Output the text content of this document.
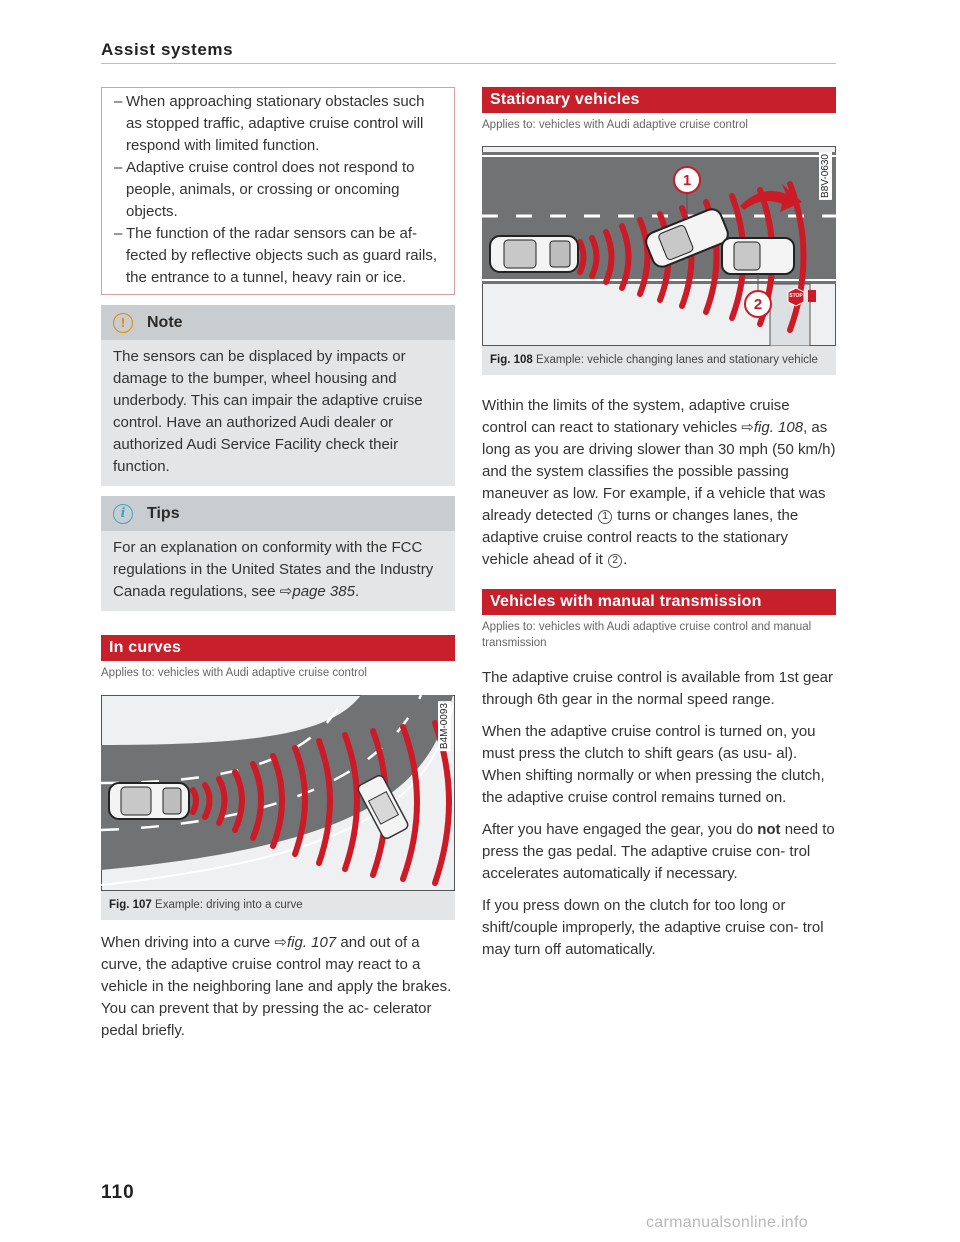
Assist systems
– When approaching stationary obstacles such as stopped traffic, adaptive cruise control will respond with limited function.
– Adaptive cruise control does not respond to people, animals, or crossing or oncoming objects.
– The function of the radar sensors can be af- fected by reflective objects such as guard rails, the entrance to a tunnel, heavy rain or ice.
!	Note
The sensors can be displaced by impacts or damage to the bumper, wheel housing and underbody. This can impair the adaptive cruise control. Have an authorized Audi dealer or authorized Audi Service Facility check their function.
i	Tips
For an explanation on conformity with the FCC regulations in the United States and the Industry Canada regulations, see ⇨page 385.
In curves
Applies to: vehicles with Audi adaptive cruise control
B4M-0093
Fig. 107 Example: driving into a curve
When driving into a curve ⇨fig. 107 and out of a curve, the adaptive cruise control may react to a vehicle in the neighboring lane and apply the brakes. You can prevent that by pressing the ac- celerator pedal briefly.
Stationary vehicles
Applies to: vehicles with Audi adaptive cruise control
1
2	STOP
B8V-0630
Fig. 108 Example: vehicle changing lanes and stationary vehicle
Within the limits of the system, adaptive cruise control can react to stationary vehicles ⇨fig. 108, as long as you are driving slower than 30 mph (50 km/h) and the system classifies the possible passing maneuver as low. For example, if a vehicle that was already detected 1 turns or changes lanes, the adaptive cruise control reacts to the stationary vehicle ahead of it 2 .
Vehicles with manual transmission
Applies to: vehicles with Audi adaptive cruise control and manual transmission
The adaptive cruise control is available from 1st gear through 6th gear in the normal speed range.
When the adaptive cruise control is turned on, you must press the clutch to shift gears (as usu- al). When shifting normally or when pressing the clutch, the adaptive cruise control remains turned on.
After you have engaged the gear, you do not need to press the gas pedal. The adaptive cruise con- trol accelerates automatically if necessary.
If you press down on the clutch for too long or shift/couple improperly, the adaptive cruise con- trol may turn off automatically.
110
carmanualsonline.info
